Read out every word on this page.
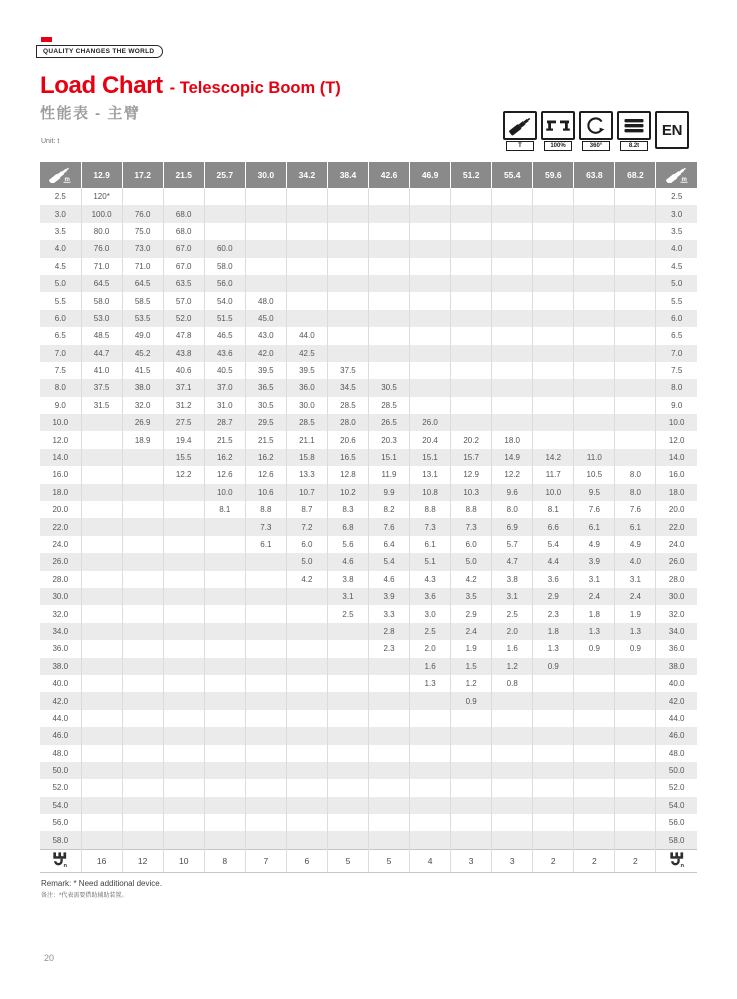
QUALITY CHANGES THE WORLD
Load Chart - Telescopic Boom (T)
性能表 - 主臂
Unit: t
T	100%	360°	8.2t
EN
m	12.9	17.2	21.5	25.7	30.0	34.2	38.4	42.6	46.9	51.2	55.4	59.6	63.8	68.2	m

2.5	120*														2.5
3.0	100.0	76.0	68.0												3.0
3.5	80.0	75.0	68.0												3.5
4.0	76.0	73.0	67.0	60.0											4.0
4.5	71.0	71.0	67.0	58.0											4.5
5.0	64.5	64.5	63.5	56.0											5.0
5.5	58.0	58.5	57.0	54.0	48.0										5.5
6.0	53.0	53.5	52.0	51.5	45.0										6.0
6.5	48.5	49.0	47.8	46.5	43.0	44.0									6.5
7.0	44.7	45.2	43.8	43.6	42.0	42.5									7.0
7.5	41.0	41.5	40.6	40.5	39.5	39.5	37.5								7.5
8.0	37.5	38.0	37.1	37.0	36.5	36.0	34.5	30.5							8.0
9.0	31.5	32.0	31.2	31.0	30.5	30.0	28.5	28.5							9.0
10.0		26.9	27.5	28.7	29.5	28.5	28.0	26.5	26.0						10.0
12.0		18.9	19.4	21.5	21.5	21.1	20.6	20.3	20.4	20.2	18.0				12.0
14.0			15.5	16.2	16.2	15.8	16.5	15.1	15.1	15.7	14.9	14.2	11.0		14.0
16.0			12.2	12.6	12.6	13.3	12.8	11.9	13.1	12.9	12.2	11.7	10.5	8.0	16.0
18.0				10.0	10.6	10.7	10.2	9.9	10.8	10.3	9.6	10.0	9.5	8.0	18.0
20.0				8.1	8.8	8.7	8.3	8.2	8.8	8.8	8.0	8.1	7.6	7.6	20.0
22.0					7.3	7.2	6.8	7.6	7.3	7.3	6.9	6.6	6.1	6.1	22.0
24.0					6.1	6.0	5.6	6.4	6.1	6.0	5.7	5.4	4.9	4.9	24.0
26.0						5.0	4.6	5.4	5.1	5.0	4.7	4.4	3.9	4.0	26.0
28.0						4.2	3.8	4.6	4.3	4.2	3.8	3.6	3.1	3.1	28.0
30.0							3.1	3.9	3.6	3.5	3.1	2.9	2.4	2.4	30.0
32.0							2.5	3.3	3.0	2.9	2.5	2.3	1.8	1.9	32.0
34.0								2.8	2.5	2.4	2.0	1.8	1.3	1.3	34.0
36.0								2.3	2.0	1.9	1.6	1.3	0.9	0.9	36.0
38.0									1.6	1.5	1.2	0.9			38.0
40.0									1.3	1.2	0.8				40.0
42.0										0.9					42.0
44.0															44.0
46.0															46.0
48.0															48.0
50.0															50.0
52.0															52.0
54.0															54.0
56.0															56.0
58.0															58.0

n	16	12	10	8	7	6	5	5	4	3	3	2	2	2	n
Remark: * Need additional device.
备注：*代表需要借助辅助装置。
20
